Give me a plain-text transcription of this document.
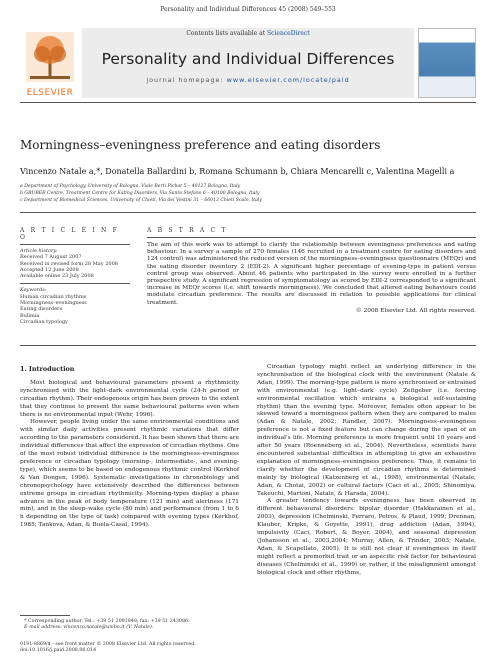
Personality and Individual Differences 45 (2008) 549–553
ELSEVIER
Contents lists available at ScienceDirect
Personality and Individual Differences
journal homepage: www.elsevier.com/locate/paid
Morningness–eveningness preference and eating disorders
Vincenzo Natale a,*, Donatella Ballardini b, Romana Schumann b, Chiara Mencarelli c, Valentina Magelli a
a Department of Psychology, University of Bologna, Viale Berti Pichat 5 – 40127 Bologna, Italy
b GRUBER Centre, Treatment Centre for Eating Disorders, Via Santo Stefano 6 – 40100 Bologna, Italy
c Department of Biomedical Sciences, University of Chieti, Via dei Vestini 31 – 66013 Chieti Scalo, Italy
A R T I C L E I N F O
Article history:
Received 7 August 2007
Received in revised form 28 May 2008
Accepted 12 June 2008
Available online 23 July 2008
Keywords:
Human circadian rhythms
Morningness–eveningness
Eating disorders
Bulimia
Circadian typology
A B S T R A C T
The aim of this work was to attempt to clarify the relationship between eveningness preferences and eating behaviour. In a survey a sample of 270 females (146 recruited in a treatment centre for eating disorders and 124 control) was administered the reduced version of the morningness–eveningness questionnaire (MEQr) and the eating disorder inventory 2 (EDI-2). A significant higher percentage of evening-type in patient versus control group was observed. About 46 patients who participated in the survey were enrolled in a further prospective study. A significant regression of symptomatology as scored by EDI-2 corresponded to a significant increase in MEQr scores (i.e. shift towards morningness). We concluded that altered eating behaviours could modulate circadian preference. The results are discussed in relation to possible applications for clinical treatment.
© 2008 Elsevier Ltd. All rights reserved.
1. Introduction

Most biological and behavioural parameters present a rhythmicity synchronised with the light–dark environmental cycle (24-h period or circadian rhythm). Their endogenous origin has been proven to the extent that they continue to present the same behavioural patterns even when there is no environmental input (Wehr, 1996).

However, people living under the same environmental conditions and with similar daily activities present rhythmic variations that differ according to the parameters considered. It has been shown that there are individual differences that affect the expression of circadian rhythms. One of the most robust individual difference is the morningness–eveningness preference or circadian typology (morning-, intermediate-, and evening-type), which seems to be based on endogenous rhythmic control (Kerkhof & Van Dongen, 1996). Systematic investigations in chronobiology and chronopsychology have extensively described the differences between extreme groups in circadian rhythmicity. Morning-types display a phase advance in the peak of body temperature (121 min) and alertness (171 min), and in the sleep–wake cycle (80 min) and performance (from 1 to 6 h depending on the type of task) compared with evening types (Kerkhof, 1985; Tankova, Adan, & Buela-Casal, 1994).

Circadian typology might reflect an underlying difference in the synchronisation of the biological clock with the environment (Natale & Adan, 1999). The morning-type pattern is more synchronised or entrained with environmental (e.g. light–dark cycle) Zeitgeber (i.e. forcing environmental oscillation which entrains a biological self-sustaining rhythm) than the evening type. Moreover, females often appear to be skewed toward a morningness pattern when they are compared to males (Adan & Natale, 2002; Randler, 2007). Morningness–eveningness preference is not a fixed feature but can change during the span of an individual's life. Morning preference is more frequent until 10 years and after 50 years (Roenneberg et al., 2004). Nevertheless, scientists have encountered substantial difficulties in attempting to give an exhaustive explanation of morningness–eveningness preference. Thus, it remains to clarify whether the development of circadian rhythms is determined mainly by biological (Katzenberg et al., 1998), environmental (Natale, Adan, & Chotai, 2002) or cultural factors (Caci et al., 2005; Shinomiya, Takeuchi, Martoni, Natale, & Harada, 2004).

A greater tendency towards eveningness has been observed in different behavioural disorders: bipolar disorder (Hakkarainen et al., 2003), depression (Chelminski, Ferraro, Petros, & Plaud, 1999; Drennan, Klauber, Kripke, & Goyette, 1991), drug addiction (Adan, 1994), impulsivity (Caci, Robert, & Boyer, 2004), and seasonal depression (Johansson et al., 2003,2004; Murray, Allen, & Trinder, 2003; Natale, Adan, & Scapellato, 2005). It is still not clear if eveningness in itself might reflect a premorbid trait or an aspecific risk factor for behavioural diseases (Chelminski et al., 1999) or, rather, if the misalignment amongst biological clock and other rhythms,

* Corresponding author. Tel.: +39 51 2091848; fax: +39 51 243086.
E-mail address: vincenzo.natale@unibo.it (V. Natale).
0191-8869/$ - see front matter © 2008 Elsevier Ltd. All rights reserved.
doi:10.1016/j.paid.2008.06.014
